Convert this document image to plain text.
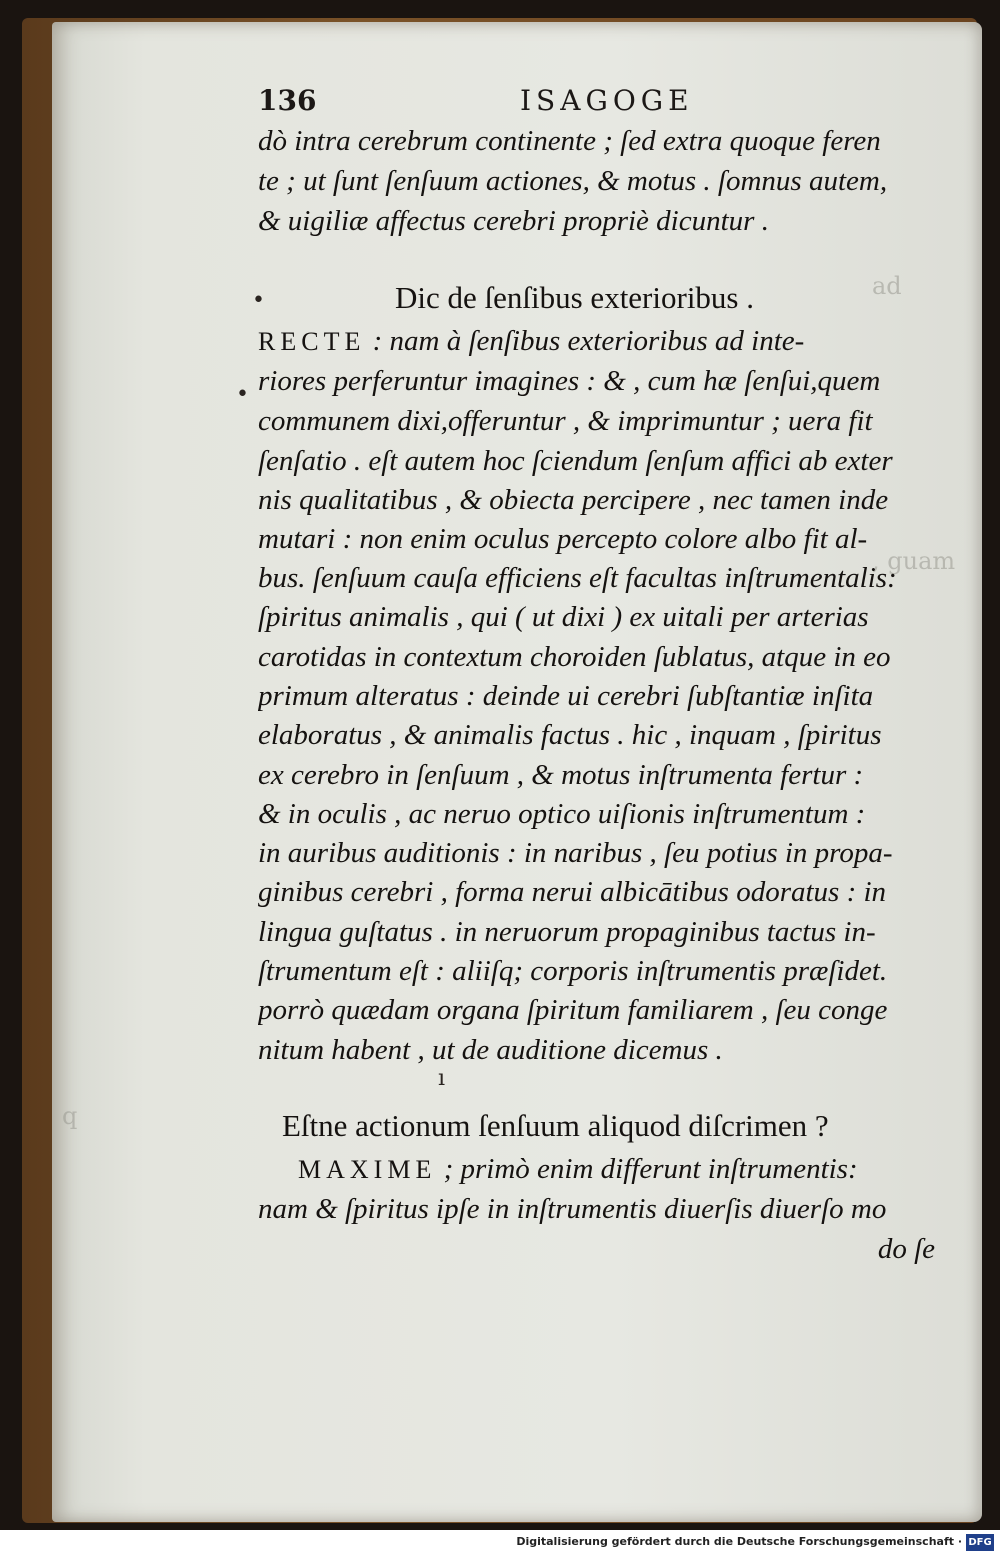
ad
, guam
q
136	ISAGOGE
dò intra cerebrum continente ; ſed extra quoque feren
te ; ut ſunt ſenſuum actiones, & motus . ſomnus autem,
& uigiliæ affectus cerebri propriè dicuntur .
Dic de ſenſibus exterioribus .
RECTE : nam à ſenſibus exterioribus ad inte-
riores perferuntur imagines : & , cum hæ ſenſui,quem
communem dixi,offeruntur , & imprimuntur ; uera fit
ſenſatio . eſt autem hoc ſciendum ſenſum affici ab exter
nis qualitatibus , & obiecta percipere , nec tamen inde
mutari : non enim oculus percepto colore albo fit al-
bus. ſenſuum cauſa efficiens eſt facultas inſtrumentalis:
ſpiritus animalis , qui ( ut dixi ) ex uitali per arterias
carotidas in contextum choroiden ſublatus, atque in eo
primum alteratus : deinde ui cerebri ſubſtantiæ inſita
elaboratus , & animalis factus . hic , inquam , ſpiritus
ex cerebro in ſenſuum , & motus inſtrumenta fertur :
& in oculis , ac neruo optico uiſionis inſtrumentum :
in auribus auditionis : in naribus , ſeu potius in propa-
ginibus cerebri , forma nerui albicātibus odoratus : in
lingua guſtatus . in neruorum propaginibus tactus in-
ſtrumentum eſt : aliiſq; corporis inſtrumentis præſidet.
porrò quædam organa ſpiritum familiarem , ſeu conge
nitum habent , ut de auditione dicemus .
Eſtne actionum ſenſuum aliquod diſcrimen ?
MAXIME ; primò enim differunt inſtrumentis:
nam & ſpiritus ipſe in inſtrumentis diuerſis diuerſo mo
do ſe
•
•
ı
Digitalisierung gefördert durch die Deutsche Forschungsgemeinschaft · DFG
